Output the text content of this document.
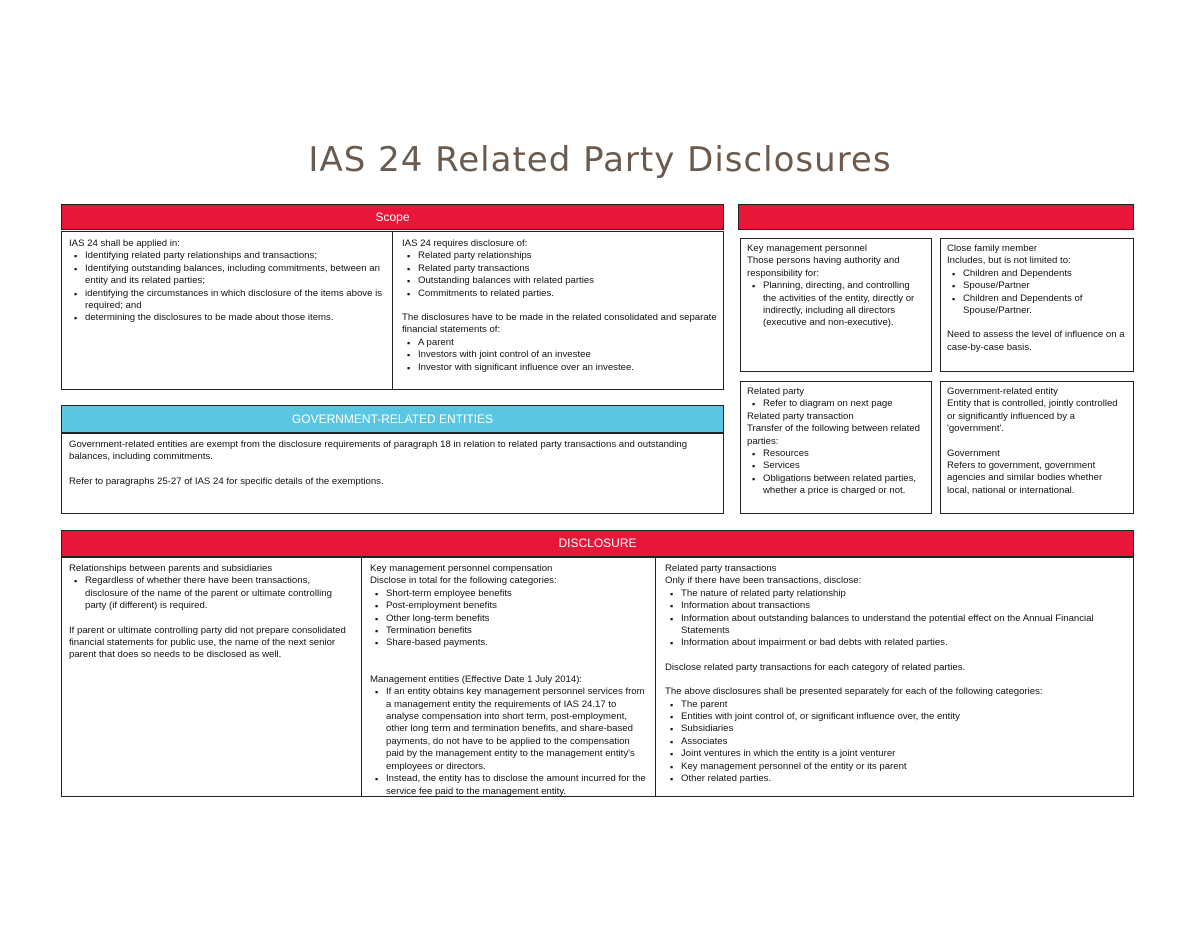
IAS 24 Related Party Disclosures
Scope

IAS 24 shall be applied in:

▪ Identifying related party relationships and transactions;
▪ Identifying outstanding balances, including commitments, between an entity and its related parties;
▪ identifying the circumstances in which disclosure of the items above is required; and
▪ determining the disclosures to be made about those items.

IAS 24 requires disclosure of:

▪ Related party relationships
▪ Related party transactions
▪ Outstanding balances with related parties
▪ Commitments to related parties.

The disclosures have to be made in the related consolidated and separate financial statements of:

▪ A parent
▪ Investors with joint control of an investee
▪ Investor with significant influence over an investee.

Key management personnel

Those persons having authority and responsibility for:

▪ Planning, directing, and controlling the activities of the entity, directly or indirectly, including all directors (executive and non-executive).

Close family member

Includes, but is not limited to:

▪ Children and Dependents
▪ Spouse/Partner
▪ Children and Dependents of Spouse/Partner.

Need to assess the level of influence on a case-by-case basis.

Related party

▪ Refer to diagram on next page

Related party transaction

Transfer of the following between related parties:

▪ Resources
▪ Services
▪ Obligations between related parties, whether a price is charged or not.

Government-related entity

Entity that is controlled, jointly controlled or significantly influenced by a 'government'.

Government

Refers to government, government agencies and similar bodies whether local, national or international.

GOVERNMENT-RELATED ENTITIES

Government-related entities are exempt from the disclosure requirements of paragraph 18 in relation to related party transactions and outstanding balances, including commitments.

Refer to paragraphs 25-27 of IAS 24 for specific details of the exemptions.

DISCLOSURE

Relationships between parents and subsidiaries

▪ Regardless of whether there have been transactions, disclosure of the name of the parent or ultimate controlling party (if different) is required.

If parent or ultimate controlling party did not prepare consolidated financial statements for public use, the name of the next senior parent that does so needs to be disclosed as well.

Key management personnel compensation

Disclose in total for the following categories:

▪ Short-term employee benefits
▪ Post-employment benefits
▪ Other long-term benefits
▪ Termination benefits
▪ Share-based payments.

Management entities (Effective Date 1 July 2014):

▪ If an entity obtains key management personnel services from a management entity the requirements of IAS 24.17 to analyse compensation into short term, post-employment, other long term and termination benefits, and share-based payments, do not have to be applied to the compensation paid by the management entity to the management entity's employees or directors.
▪ Instead, the entity has to disclose the amount incurred for the service fee paid to the management entity.

Related party transactions

Only if there have been transactions, disclose:

▪ The nature of related party relationship
▪ Information about transactions
▪ Information about outstanding balances to understand the potential effect on the Annual Financial Statements
▪ Information about impairment or bad debts with related parties.

Disclose related party transactions for each category of related parties.

The above disclosures shall be presented separately for each of the following categories:

▪ The parent
▪ Entities with joint control of, or significant influence over, the entity
▪ Subsidiaries
▪ Associates
▪ Joint ventures in which the entity is a joint venturer
▪ Key management personnel of the entity or its parent
▪ Other related parties.
